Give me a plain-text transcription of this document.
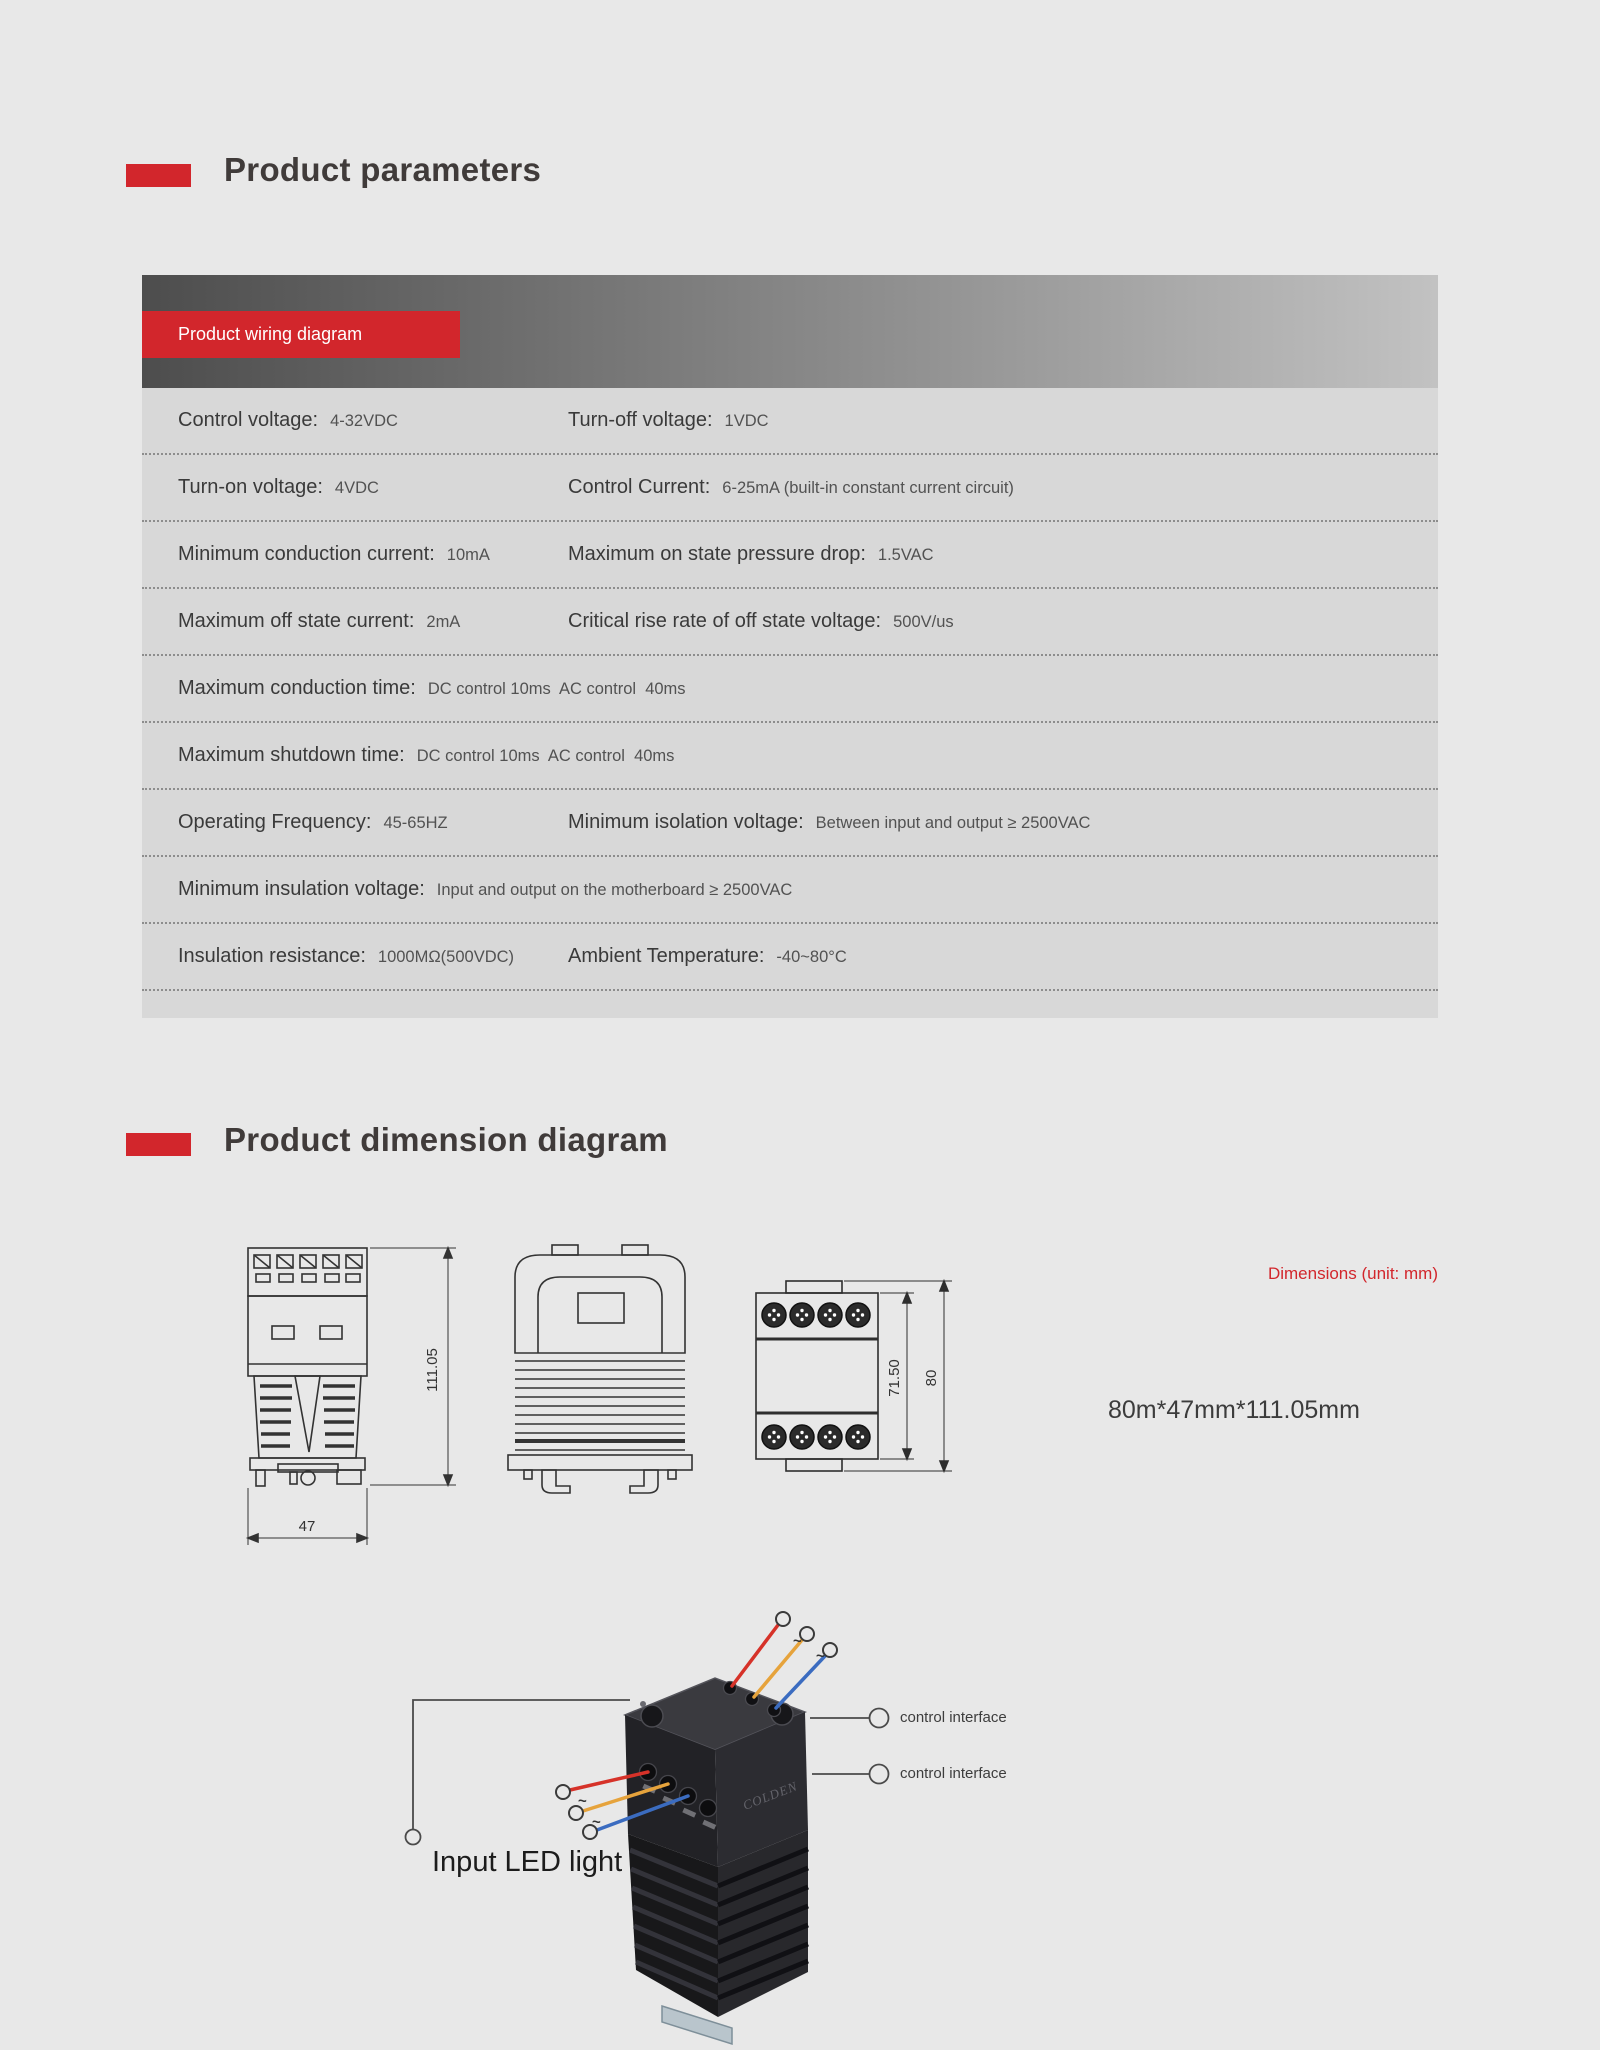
Product parameters
Product wiring diagram
Control voltage: 4-32VDC	Turn-off voltage: 1VDC
Turn-on voltage: 4VDC	Control Current: 6-25mA (built-in constant current circuit)
Minimum conduction current: 10mA	Maximum on state pressure drop: 1.5VAC
Maximum off state current: 2mA	Critical rise rate of off state voltage: 500V/us
Maximum conduction time: DC control 10ms  AC control  40ms
Maximum shutdown time: DC control 10ms  AC control  40ms
Operating Frequency: 45-65HZ	Minimum isolation voltage: Between input and output ≥ 2500VAC
Minimum insulation voltage: Input and output on the motherboard ≥ 2500VAC
Insulation resistance: 1000MΩ(500VDC)	Ambient Temperature: -40~80°C
Product dimension diagram
Dimensions (unit: mm)
80m*47mm*111.05mm
111.05
47
71.50 80
COLDEN
~
~
~
~
control interface
control interface
Input LED light
